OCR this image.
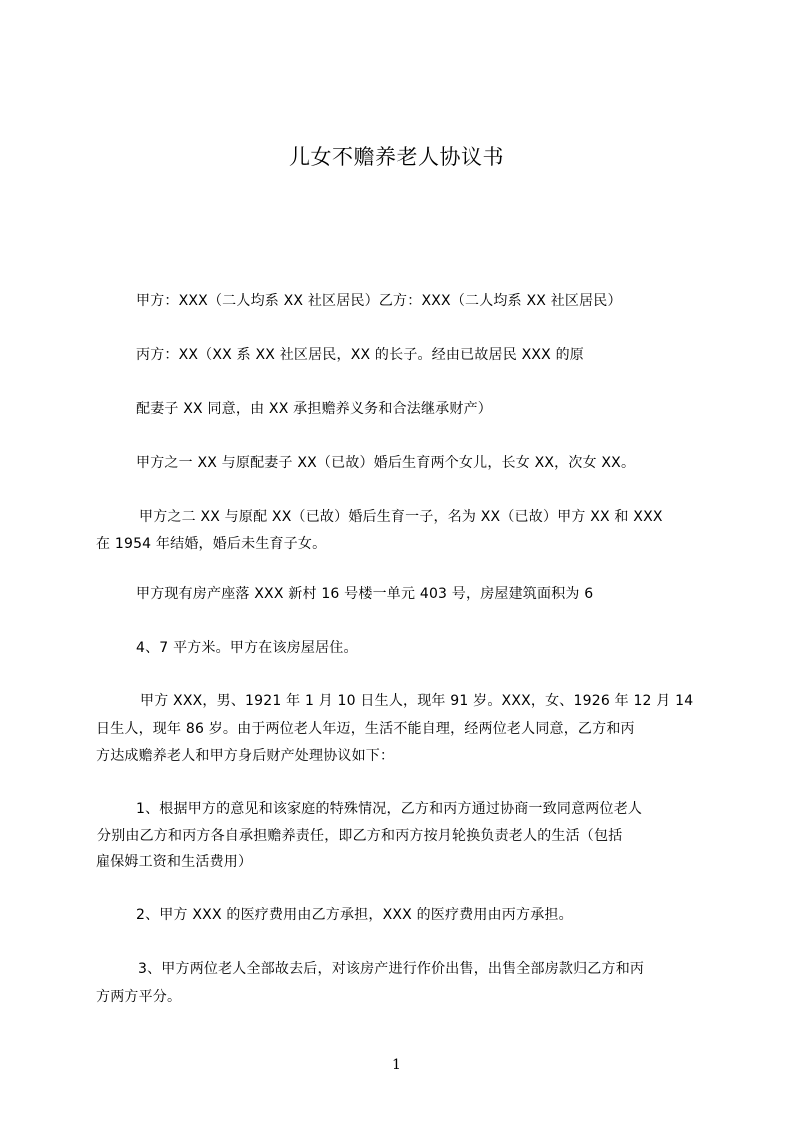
儿女不赡养老人协议书
甲方：XXX（二人均系 XX 社区居民）乙方：XXX（二人均系 XX 社区居民）
丙方：XX（XX 系 XX 社区居民，XX 的长子。经由已故居民 XXX 的原
配妻子 XX 同意，由 XX 承担赡养义务和合法继承财产）
甲方之一 XX 与原配妻子 XX（已故）婚后生育两个女儿，长女 XX，次女 XX。
甲方之二 XX 与原配 XX（已故）婚后生育一子，名为 XX（已故）甲方 XX 和 XXX
在 1954 年结婚，婚后未生育子女。
甲方现有房产座落 XXX 新村 16 号楼一单元 403 号，房屋建筑面积为 6
4、7 平方米。甲方在该房屋居住。
甲方 XXX，男、1921 年 1 月 10 日生人，现年 91 岁。XXX，女、1926 年 12 月 14
日生人，现年 86 岁。由于两位老人年迈，生活不能自理，经两位老人同意，乙方和丙
方达成赡养老人和甲方身后财产处理协议如下：
1、根据甲方的意见和该家庭的特殊情况，乙方和丙方通过协商一致同意两位老人
分别由乙方和丙方各自承担赡养责任，即乙方和丙方按月轮换负责老人的生活（包括
雇保姆工资和生活费用）
2、甲方 XXX 的医疗费用由乙方承担，XXX 的医疗费用由丙方承担。
3、甲方两位老人全部故去后，对该房产进行作价出售，出售全部房款归乙方和丙
方两方平分。
1
